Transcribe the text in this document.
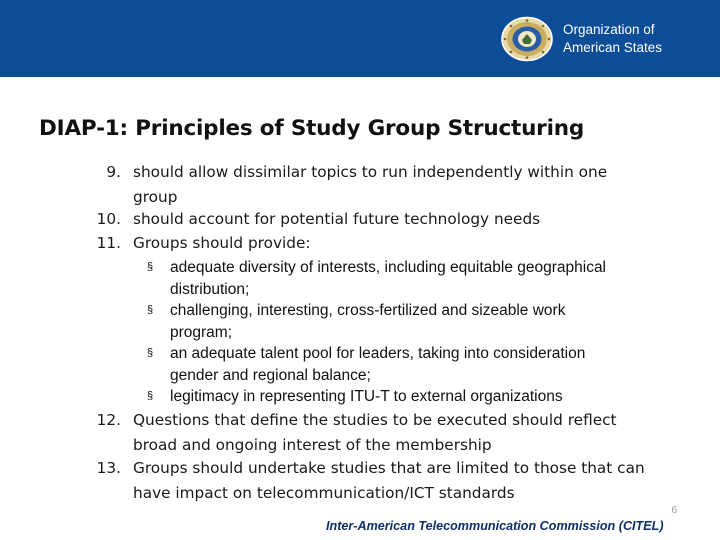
Organization of
American States
DIAP-1: Principles of Study Group Structuring
9. should allow dissimilar topics to run independently within one
group
10. should account for potential future technology needs
11. Groups should provide:
§ adequate diversity of interests, including equitable geographical
distribution;
§ challenging, interesting, cross-fertilized and sizeable work
program;
§ an adequate talent pool for leaders, taking into consideration
gender and regional balance;
§ legitimacy in representing ITU-T to external organizations
12. Questions that define the studies to be executed should reflect
broad and ongoing interest of the membership
13. Groups should undertake studies that are limited to those that can
have impact on telecommunication/ICT standards
6
Inter-American Telecommunication Commission (CITEL)
